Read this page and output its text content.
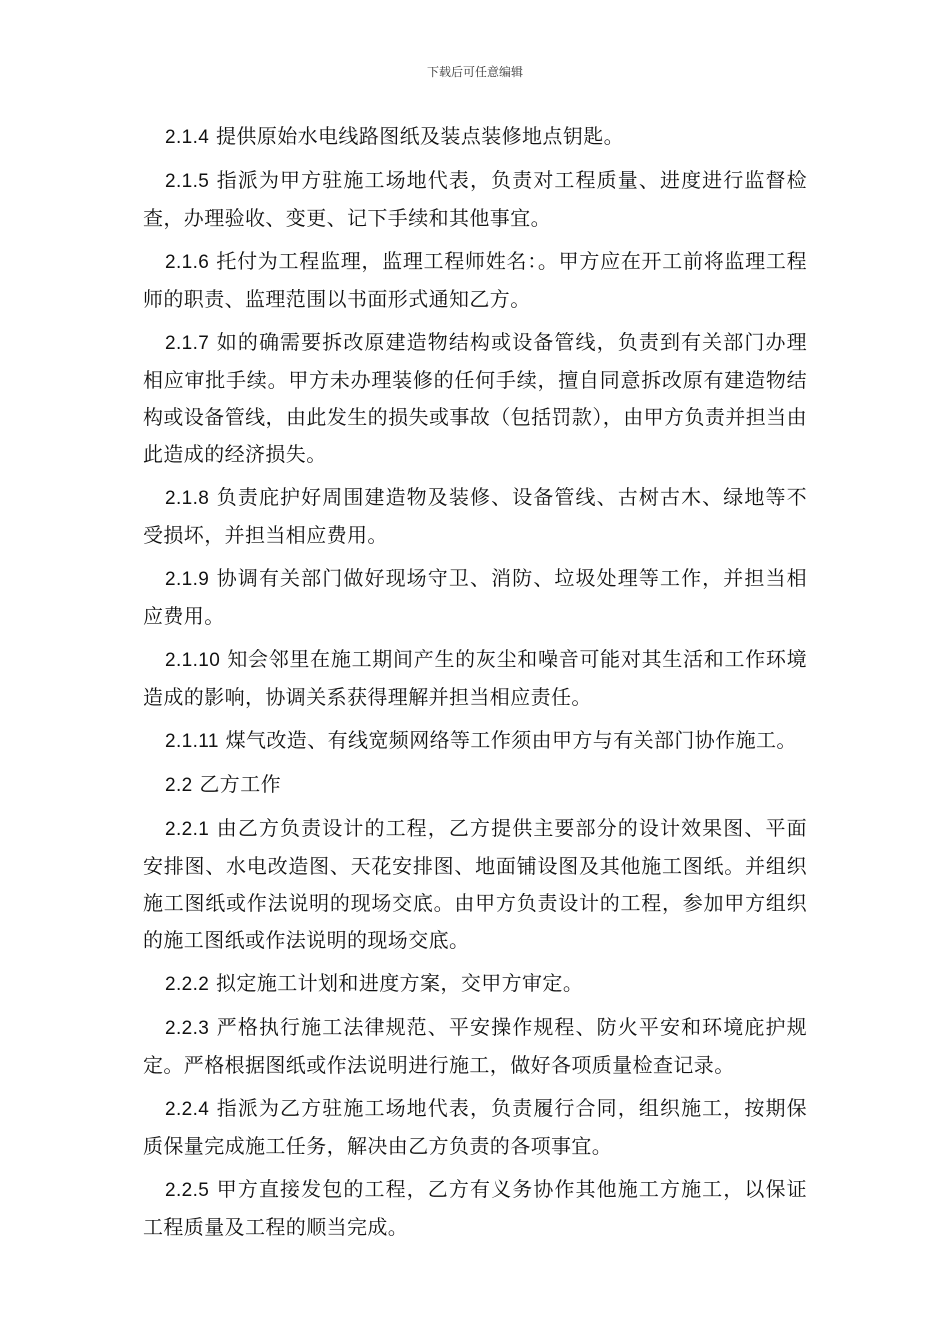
下载后可任意编辑

2.1.4 提供原始水电线路图纸及装点装修地点钥匙。

2.1.5 指派为甲方驻施工场地代表，负责对工程质量、进度进行监督检查，办理验收、变更、记下手续和其他事宜。

2.1.6 托付为工程监理，监理工程师姓名：。甲方应在开工前将监理工程师的职责、监理范围以书面形式通知乙方。

2.1.7 如的确需要拆改原建造物结构或设备管线，负责到有关部门办理相应审批手续。甲方未办理装修的任何手续，擅自同意拆改原有建造物结构或设备管线，由此发生的损失或事故（包括罚款），由甲方负责并担当由此造成的经济损失。

2.1.8 负责庇护好周围建造物及装修、设备管线、古树古木、绿地等不受损坏，并担当相应费用。

2.1.9 协调有关部门做好现场守卫、消防、垃圾处理等工作，并担当相应费用。

2.1.10 知会邻里在施工期间产生的灰尘和噪音可能对其生活和工作环境造成的影响，协调关系获得理解并担当相应责任。

2.1.11 煤气改造、有线宽频网络等工作须由甲方与有关部门协作施工。

2.2 乙方工作

2.2.1 由乙方负责设计的工程，乙方提供主要部分的设计效果图、平面安排图、水电改造图、天花安排图、地面铺设图及其他施工图纸。并组织施工图纸或作法说明的现场交底。由甲方负责设计的工程，参加甲方组织的施工图纸或作法说明的现场交底。

2.2.2 拟定施工计划和进度方案，交甲方审定。

2.2.3 严格执行施工法律规范、平安操作规程、防火平安和环境庇护规定。严格根据图纸或作法说明进行施工，做好各项质量检查记录。

2.2.4 指派为乙方驻施工场地代表，负责履行合同，组织施工，按期保质保量完成施工任务，解决由乙方负责的各项事宜。

2.2.5 甲方直接发包的工程，乙方有义务协作其他施工方施工，以保证工程质量及工程的顺当完成。
